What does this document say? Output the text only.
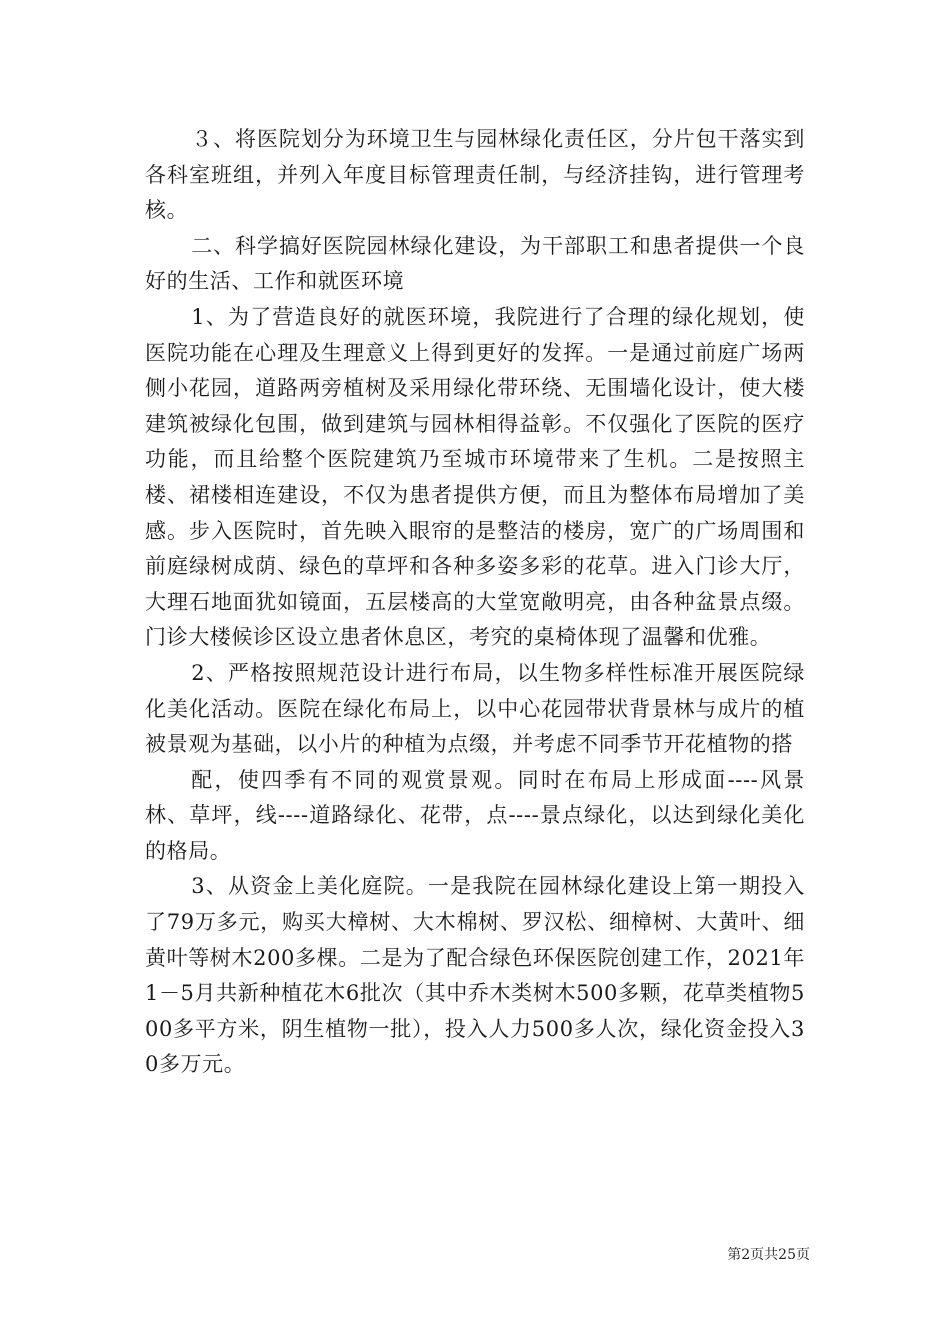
３、将医院划分为环境卫生与园林绿化责任区，分片包干落实到各科室班组，并列入年度目标管理责任制，与经济挂钩，进行管理考核。

二、科学搞好医院园林绿化建设，为干部职工和患者提供一个良好的生活、工作和就医环境

1、为了营造良好的就医环境，我院进行了合理的绿化规划，使医院功能在心理及生理意义上得到更好的发挥。一是通过前庭广场两侧小花园，道路两旁植树及采用绿化带环绕、无围墙化设计，使大楼建筑被绿化包围，做到建筑与园林相得益彰。不仅强化了医院的医疗功能，而且给整个医院建筑乃至城市环境带来了生机。二是按照主楼、裙楼相连建设，不仅为患者提供方便，而且为整体布局增加了美感。步入医院时，首先映入眼帘的是整洁的楼房，宽广的广场周围和前庭绿树成荫、绿色的草坪和各种多姿多彩的花草。进入门诊大厅，大理石地面犹如镜面，五层楼高的大堂宽敞明亮，由各种盆景点缀。门诊大楼候诊区设立患者休息区，考究的桌椅体现了温馨和优雅。

2、严格按照规范设计进行布局，以生物多样性标准开展医院绿化美化活动。医院在绿化布局上，以中心花园带状背景林与成片的植被景观为基础，以小片的种植为点缀，并考虑不同季节开花植物的搭

配，使四季有不同的观赏景观。同时在布局上形成面----风景林、草坪，线----道路绿化、花带，点----景点绿化，以达到绿化美化的格局。

3、从资金上美化庭院。一是我院在园林绿化建设上第一期投入了79万多元，购买大樟树、大木棉树、罗汉松、细樟树、大黄叶、细黄叶等树木200多棵。二是为了配合绿色环保医院创建工作，2021年1－5月共新种植花木6批次（其中乔木类树木500多颗，花草类植物500多平方米，阴生植物一批），投入人力500多人次，绿化资金投入30多万元。

第2页共25页
